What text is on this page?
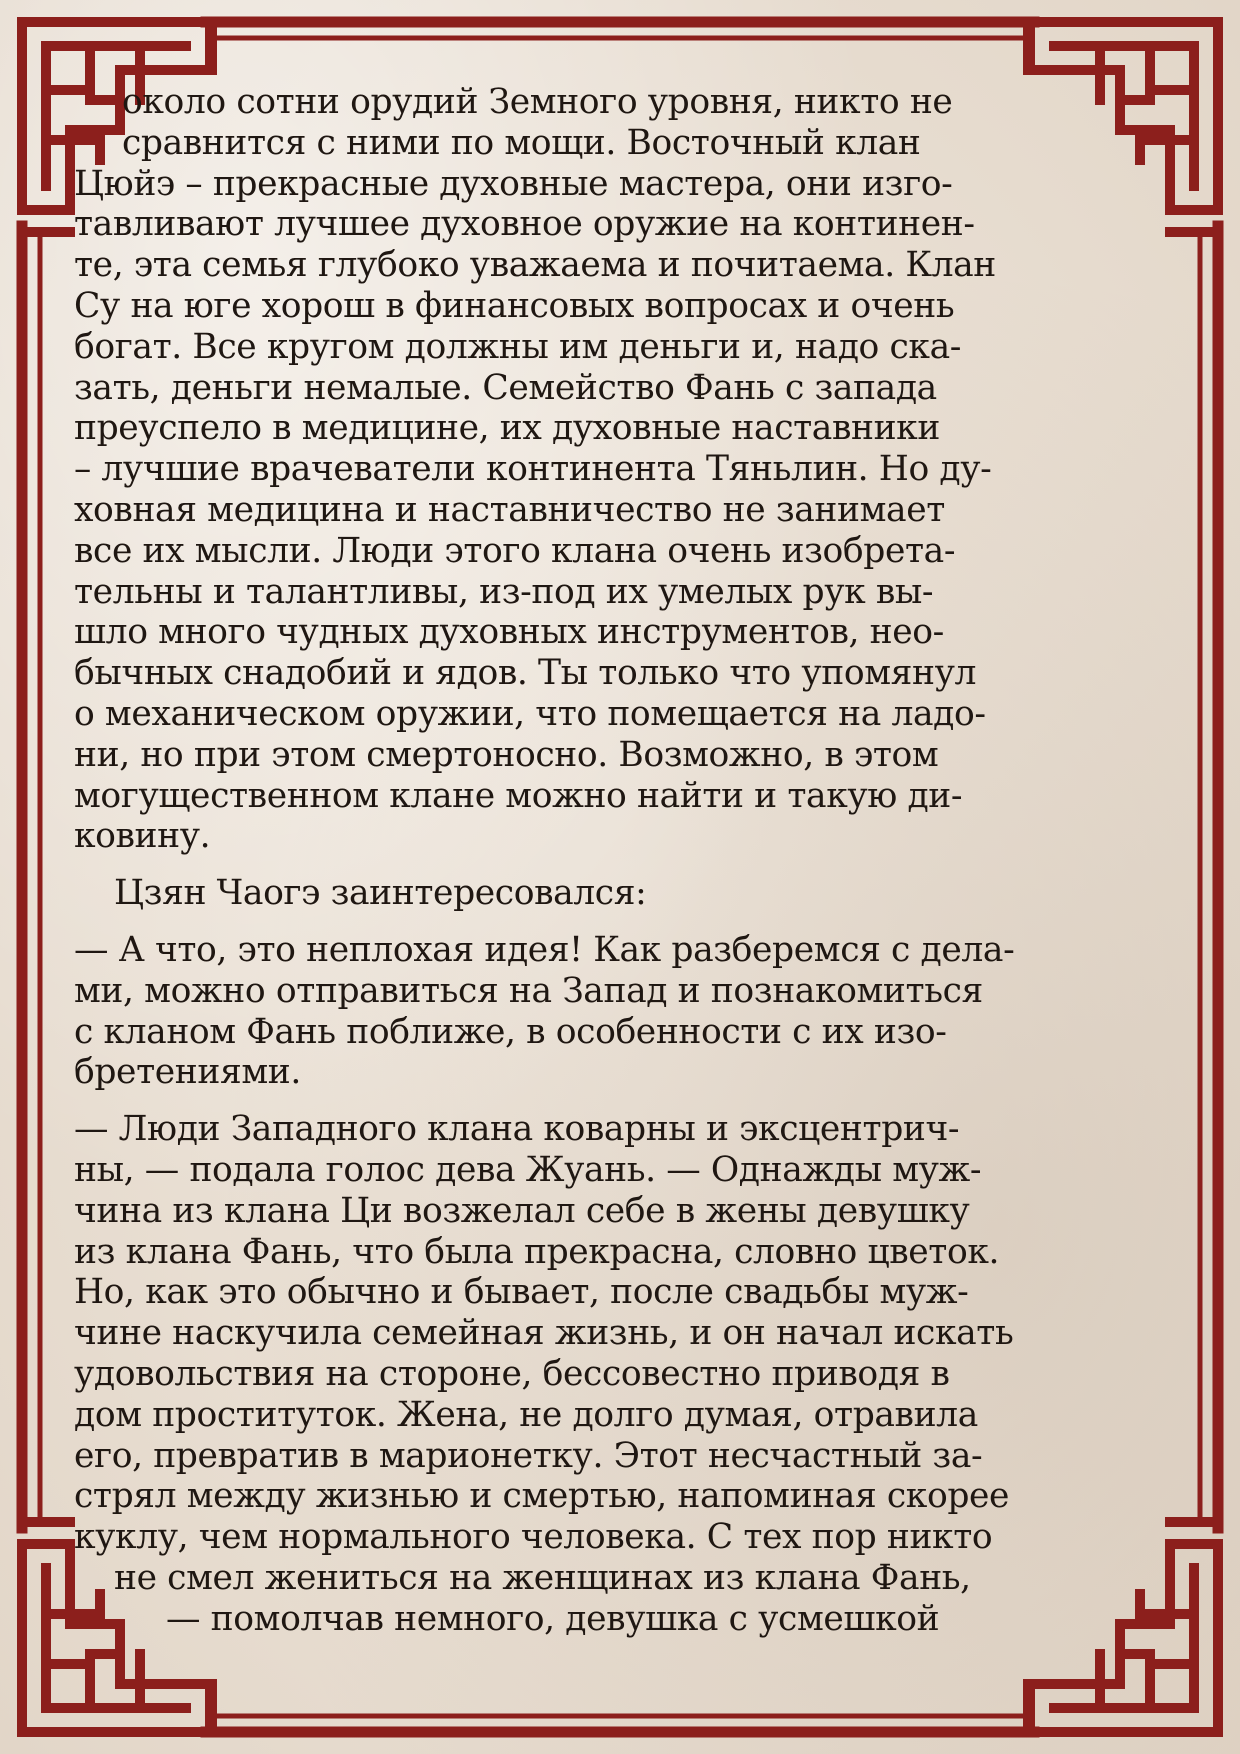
около сотни орудий Земного уровня, никто не
сравнится с ними по мощи. Восточный клан
Цюйэ – прекрасные духовные мастера, они изго-
тавливают лучшее духовное оружие на континен-
те, эта семья глубоко уважаема и почитаема. Клан
Су на юге хорош в финансовых вопросах и очень
богат. Все кругом должны им деньги и, надо ска-
зать, деньги немалые. Семейство Фань с запада
преуспело в медицине, их духовные наставники
– лучшие врачеватели континента Тяньлин. Но ду-
ховная медицина и наставничество не занимает
все их мысли. Люди этого клана очень изобрета-
тельны и талантливы, из-под их умелых рук вы-
шло много чудных духовных инструментов, нео-
бычных снадобий и ядов. Ты только что упомянул
о механическом оружии, что помещается на ладо-
ни, но при этом смертоносно. Возможно, в этом
могущественном клане можно найти и такую ди-
ковину.
Цзян Чаогэ заинтересовался:
— А что, это неплохая идея! Как разберемся с дела-
ми, можно отправиться на Запад и познакомиться
с кланом Фань поближе, в особенности с их изо-
бретениями.
— Люди Западного клана коварны и эксцентрич-
ны, — подала голос дева Жуань. — Однажды муж-
чина из клана Ци возжелал себе в жены девушку
из клана Фань, что была прекрасна, словно цветок.
Но, как это обычно и бывает, после свадьбы муж-
чине наскучила семейная жизнь, и он начал искать
удовольствия на стороне, бессовестно приводя в
дом проституток. Жена, не долго думая, отравила
его, превратив в марионетку. Этот несчастный за-
стрял между жизнью и смертью, напоминая скорее
куклу, чем нормального человека. С тех пор никто
не смел жениться на женщинах из клана Фань,
— помолчав немного, девушка с усмешкой
